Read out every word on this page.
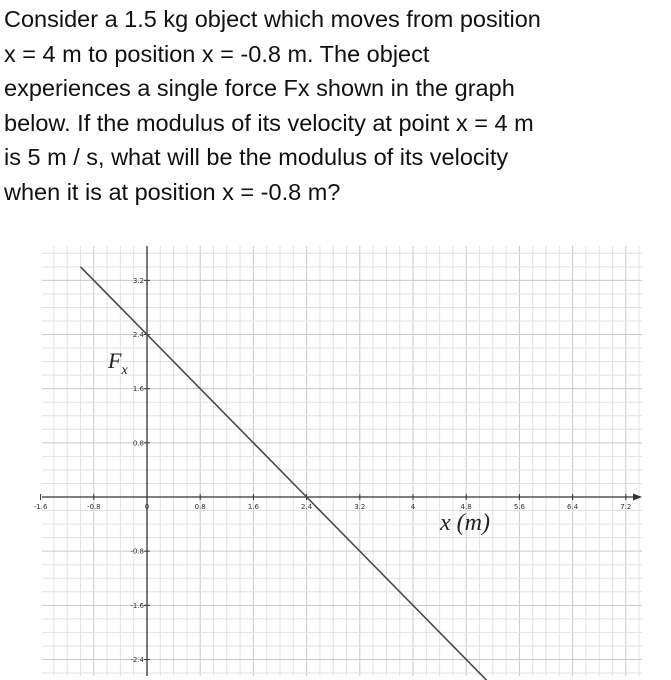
Consider a 1.5 kg object which moves from position
x = 4 m to position x = -0.8 m. The object
experiences a single force Fx shown in the graph
below. If the modulus of its velocity at point x = 4 m
is 5 m / s, what will be the modulus of its velocity
when it is at position x = -0.8 m?
-1.6	-0.8	0	0.8	1.6	2.4	3.2	4	4.8	5.6	6.4	7.2
3.2
2.4
1.6
0.8
-0.8
-1.6
-2.4
$F_x$
x (m)
